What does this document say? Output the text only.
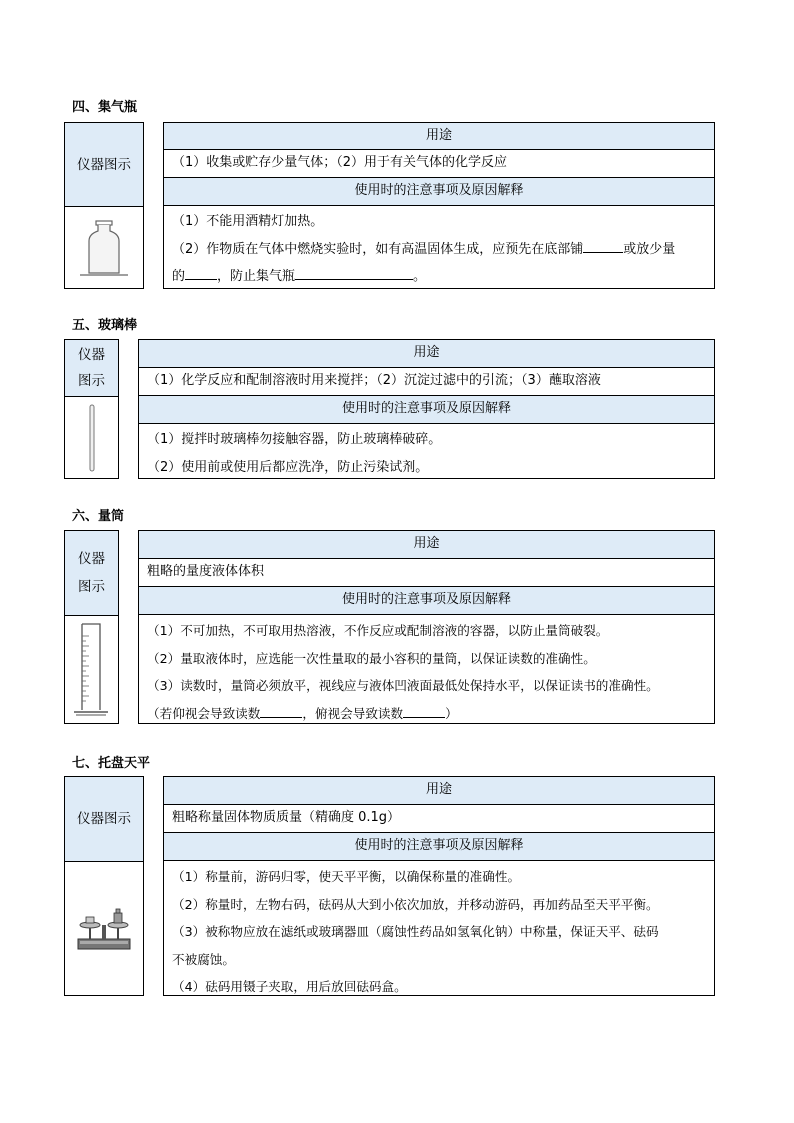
四、集气瓶
仪器图示
用途
（1）收集或贮存少量气体；（2）用于有关气体的化学反应
使用时的注意事项及原因解释

（1）不能用酒精灯加热。

（2）作物质在气体中燃烧实验时，如有高温固体生成，应预先在底部铺	或放少量

的 ，防止集气瓶	。

五、玻璃棒
仪器
图示
用途
（1）化学反应和配制溶液时用来搅拌；（2）沉淀过滤中的引流；（3）蘸取溶液
使用时的注意事项及原因解释

（1）搅拌时玻璃棒勿接触容器，防止玻璃棒破碎。

（2）使用前或使用后都应洗净，防止污染试剂。

六、量筒
仪器
图示
用途
粗略的量度液体体积
使用时的注意事项及原因解释

（1）不可加热，不可取用热溶液，不作反应或配制溶液的容器，以防止量筒破裂。

（2）量取液体时，应选能一次性量取的最小容积的量筒，以保证读数的准确性。

（3）读数时，量筒必须放平，视线应与液体凹液面最低处保持水平，以保证读书的准确性。

（若仰视会导致读数	，俯视会导致读数	）

七、托盘天平
仪器图示
用途
粗略称量固体物质质量（精确度 0.1g）
使用时的注意事项及原因解释

（1）称量前，游码归零，使天平平衡，以确保称量的准确性。

（2）称量时，左物右码，砝码从大到小依次加放，并移动游码，再加药品至天平平衡。

（3）被称物应放在滤纸或玻璃器皿（腐蚀性药品如氢氧化钠）中称量，保证天平、砝码

不被腐蚀。

（4）砝码用镊子夹取，用后放回砝码盒。
